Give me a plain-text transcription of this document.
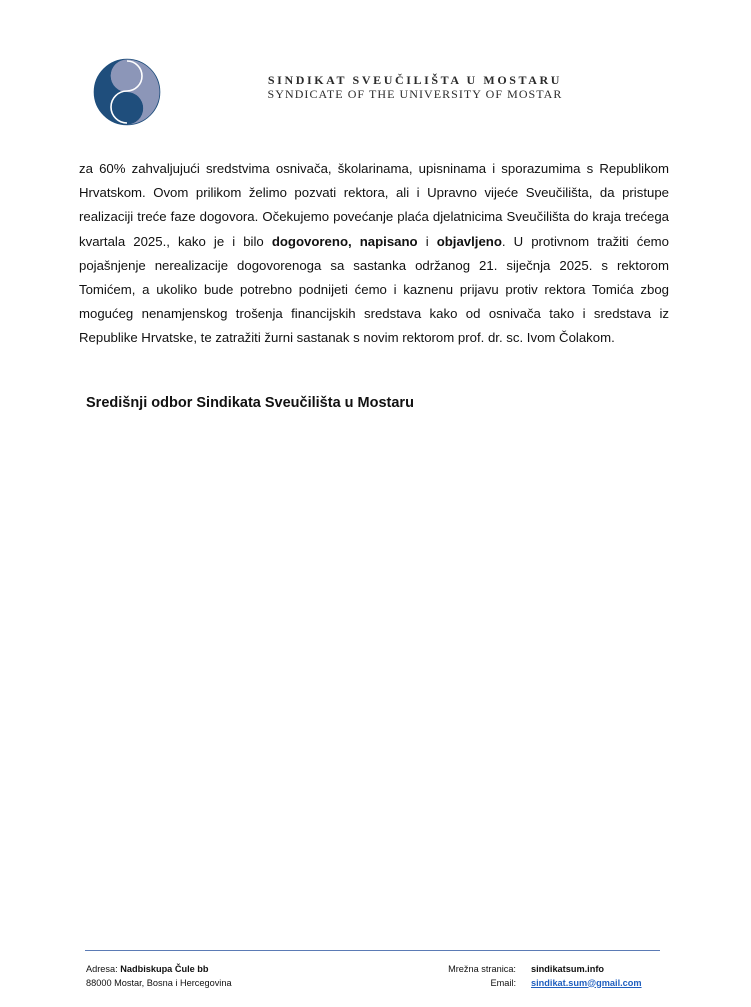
SINDIKAT SVEUČILIŠTA U MOSTARU
SYNDICATE OF THE UNIVERSITY OF MOSTAR

za 60% zahvaljujući sredstvima osnivača, školarinama, upisninama i sporazumima s Republikom Hrvatskom. Ovom prilikom želimo pozvati rektora, ali i Upravno vijeće Sveučilišta, da pristupe realizaciji treće faze dogovora. Očekujemo povećanje plaća djelatnicima Sveučilišta do kraja trećega kvartala 2025., kako je i bilo dogovoreno, napisano i objavljeno. U protivnom tražiti ćemo pojašnjenje nerealizacije dogovorenoga sa sastanka održanog 21. siječnja 2025. s rektorom Tomićem, a ukoliko bude potrebno podnijeti ćemo i kaznenu prijavu protiv rektora Tomića zbog mogućeg nenamjenskog trošenja financijskih sredstava kako od osnivača tako i sredstava iz Republike Hrvatske, te zatražiti žurni sastanak s novim rektorom prof. dr. sc. Ivom Čolakom.

Središnji odbor Sindikata Sveučilišta u Mostaru
Adresa: Nadbiskupa Čule bb
88000 Mostar, Bosna i Hercegovina
Mrežna stranica:
Email:
sindikatsum.info
sindikat.sum@gmail.com
